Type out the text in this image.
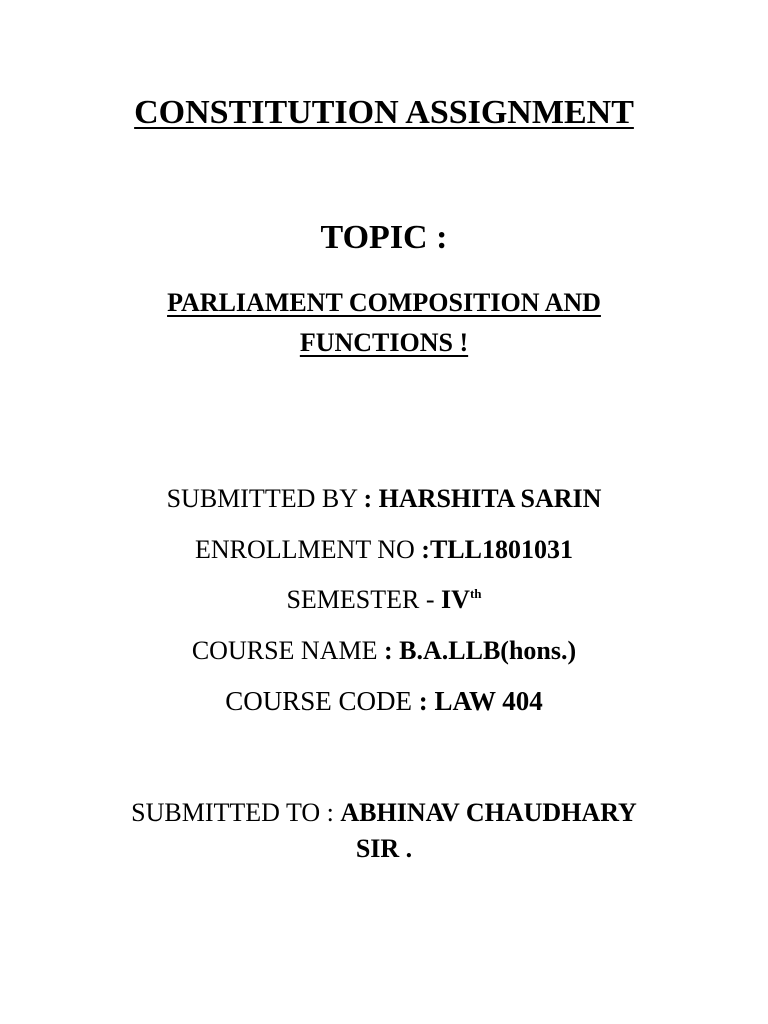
CONSTITUTION ASSIGNMENT
TOPIC :
PARLIAMENT COMPOSITION AND
FUNCTIONS !
SUBMITTED BY : HARSHITA SARIN
ENROLLMENT NO :TLL1801031
SEMESTER - IVth
COURSE NAME : B.A.LLB(hons.)
COURSE CODE : LAW 404
SUBMITTED TO : ABHINAV CHAUDHARY
SIR .
